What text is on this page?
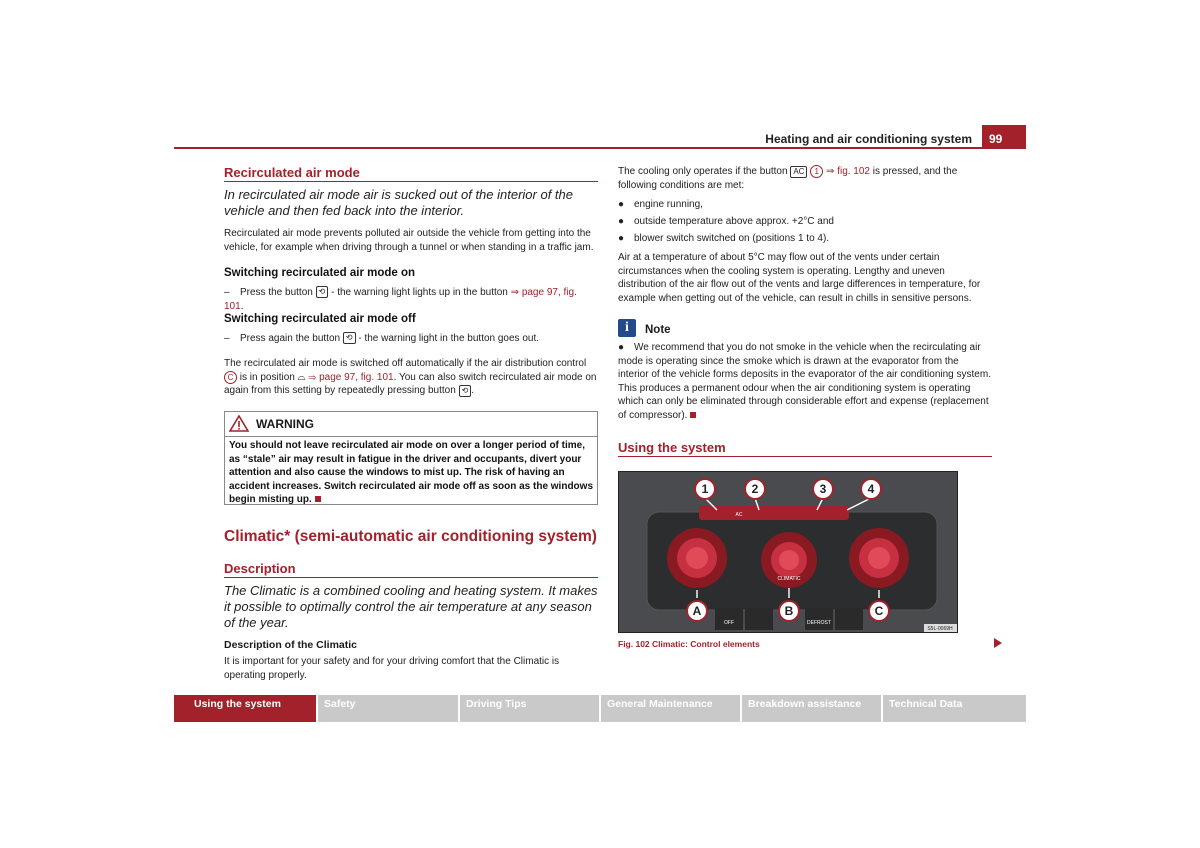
Heating and air conditioning system	99
Recirculated air mode
In recirculated air mode air is sucked out of the interior of the vehicle and then fed back into the interior.
Recirculated air mode prevents polluted air outside the vehicle from getting into the vehicle, for example when driving through a tunnel or when standing in a traffic jam.
Switching recirculated air mode on
– Press the button ⟲ - the warning light lights up in the button ⇒ page 97, fig. 101.
Switching recirculated air mode off
– Press again the button ⟲ - the warning light in the button goes out.
The recirculated air mode is switched off automatically if the air distribution control C is in position ⌓ ⇒ page 97, fig. 101. You can also switch recirculated air mode on again from this setting by repeatedly pressing button ⟲ .
WARNING
You should not leave recirculated air mode on over a longer period of time, as “stale” air may result in fatigue in the driver and occupants, divert your attention and also cause the windows to mist up. The risk of having an accident increases. Switch recirculated air mode off as soon as the windows begin misting up.
Climatic* (semi-automatic air conditioning system)
Description
The Climatic is a combined cooling and heating system. It makes it possible to optimally control the air temperature at any season of the year.
Description of the Climatic
It is important for your safety and for your driving comfort that the Climatic is operating properly.
The cooling only operates if the button AC 1 ⇒ fig. 102 is pressed, and the following conditions are met:
● engine running,
● outside temperature above approx. +2°C and
● blower switch switched on (positions 1 to 4).
Air at a temperature of about 5°C may flow out of the vents under certain circumstances when the cooling system is operating. Lengthy and uneven distribution of the air flow out of the vents and large differences in temperature, for example when getting out of the vehicle, can result in chills in sensitive persons.
i	Note
● We recommend that you do not smoke in the vehicle when the recirculating air mode is operating since the smoke which is drawn at the evaporator from the interior of the vehicle forms deposits in the evaporator of the air conditioning system. This produces a permanent odour when the air conditioning system is operating which can only be eliminated through considerable effort and expense (replacement of compressor).
Using the system
1	2	3	4
A	B	C
AC
CLIMATIC
OFF	DEFROST
S5L-0069H
Fig. 102 Climatic: Control elements
Using the system	Safety	Driving Tips	General Maintenance	Breakdown assistance	Technical Data
